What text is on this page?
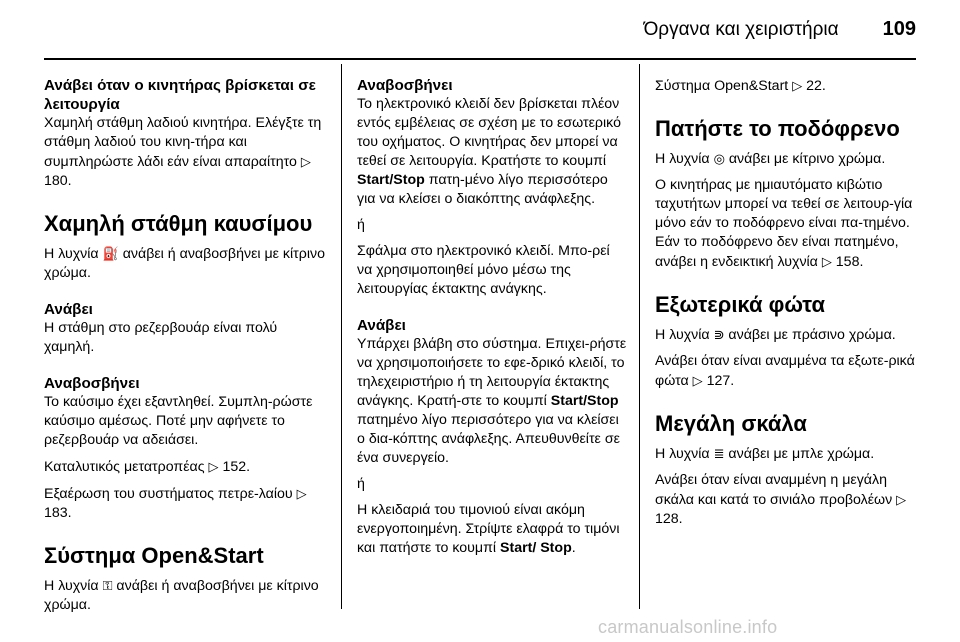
Όργανα και χειριστήρια 109
Ανάβει όταν ο κινητήρας βρίσκεται σε λειτουργία

Χαμηλή στάθμη λαδιού κινητήρα. Ελέγξτε τη στάθμη λαδιού του κινη-τήρα και συμπληρώστε λάδι εάν είναι απαραίτητο ▷ 180.

Χαμηλή στάθμη καυσίμου

Η λυχνία ⛽ ανάβει ή αναβοσβήνει με κίτρινο χρώμα.

Ανάβει

Η στάθμη στο ρεζερβουάρ είναι πολύ χαμηλή.

Αναβοσβήνει

Το καύσιμο έχει εξαντληθεί. Συμπλη-ρώστε καύσιμο αμέσως. Ποτέ μην αφήνετε το ρεζερβουάρ να αδειάσει.

Καταλυτικός μετατροπέας ▷ 152.

Εξαέρωση του συστήματος πετρε-λαίου ▷ 183.

Σύστημα Open&Start

Η λυχνία ⚿ ανάβει ή αναβοσβήνει με κίτρινο χρώμα.

Αναβοσβήνει

Το ηλεκτρονικό κλειδί δεν βρίσκεται πλέον εντός εμβέλειας σε σχέση με το εσωτερικό του οχήματος. Ο κινητήρας δεν μπορεί να τεθεί σε λειτουργία. Κρατήστε το κουμπί Start/Stop πατη-μένο λίγο περισσότερο για να κλείσει ο διακόπτης ανάφλεξης.

ή

Σφάλμα στο ηλεκτρονικό κλειδί. Μπο-ρεί να χρησιμοποιηθεί μόνο μέσω της λειτουργίας έκτακτης ανάγκης.

Ανάβει

Υπάρχει βλάβη στο σύστημα. Επιχει-ρήστε να χρησιμοποιήσετε το εφε-δρικό κλειδί, το τηλεχειριστήριο ή τη λειτουργία έκτακτης ανάγκης. Κρατή-στε το κουμπί Start/Stop πατημένο λίγο περισσότερο για να κλείσει ο δια-κόπτης ανάφλεξης. Απευθυνθείτε σε ένα συνεργείο.

ή

Η κλειδαριά του τιμονιού είναι ακόμη ενεργοποιημένη. Στρίψτε ελαφρά το τιμόνι και πατήστε το κουμπί Start/ Stop.

Σύστημα Open&Start ▷ 22.

Πατήστε το ποδόφρενο

Η λυχνία ◎ ανάβει με κίτρινο χρώμα.

Ο κινητήρας με ημιαυτόματο κιβώτιο ταχυτήτων μπορεί να τεθεί σε λειτουρ-γία μόνο εάν το ποδόφρενο είναι πα-τημένο. Εάν το ποδόφρενο δεν είναι πατημένο, ανάβει η ενδεικτική λυχνία ▷ 158.

Εξωτερικά φώτα

Η λυχνία ⋑ ανάβει με πράσινο χρώμα.

Ανάβει όταν είναι αναμμένα τα εξωτε-ρικά φώτα ▷ 127.

Μεγάλη σκάλα

Η λυχνία ≣ ανάβει με μπλε χρώμα.

Ανάβει όταν είναι αναμμένη η μεγάλη σκάλα και κατά το σινιάλο προβολέων ▷ 128.

carmanualsonline.info
